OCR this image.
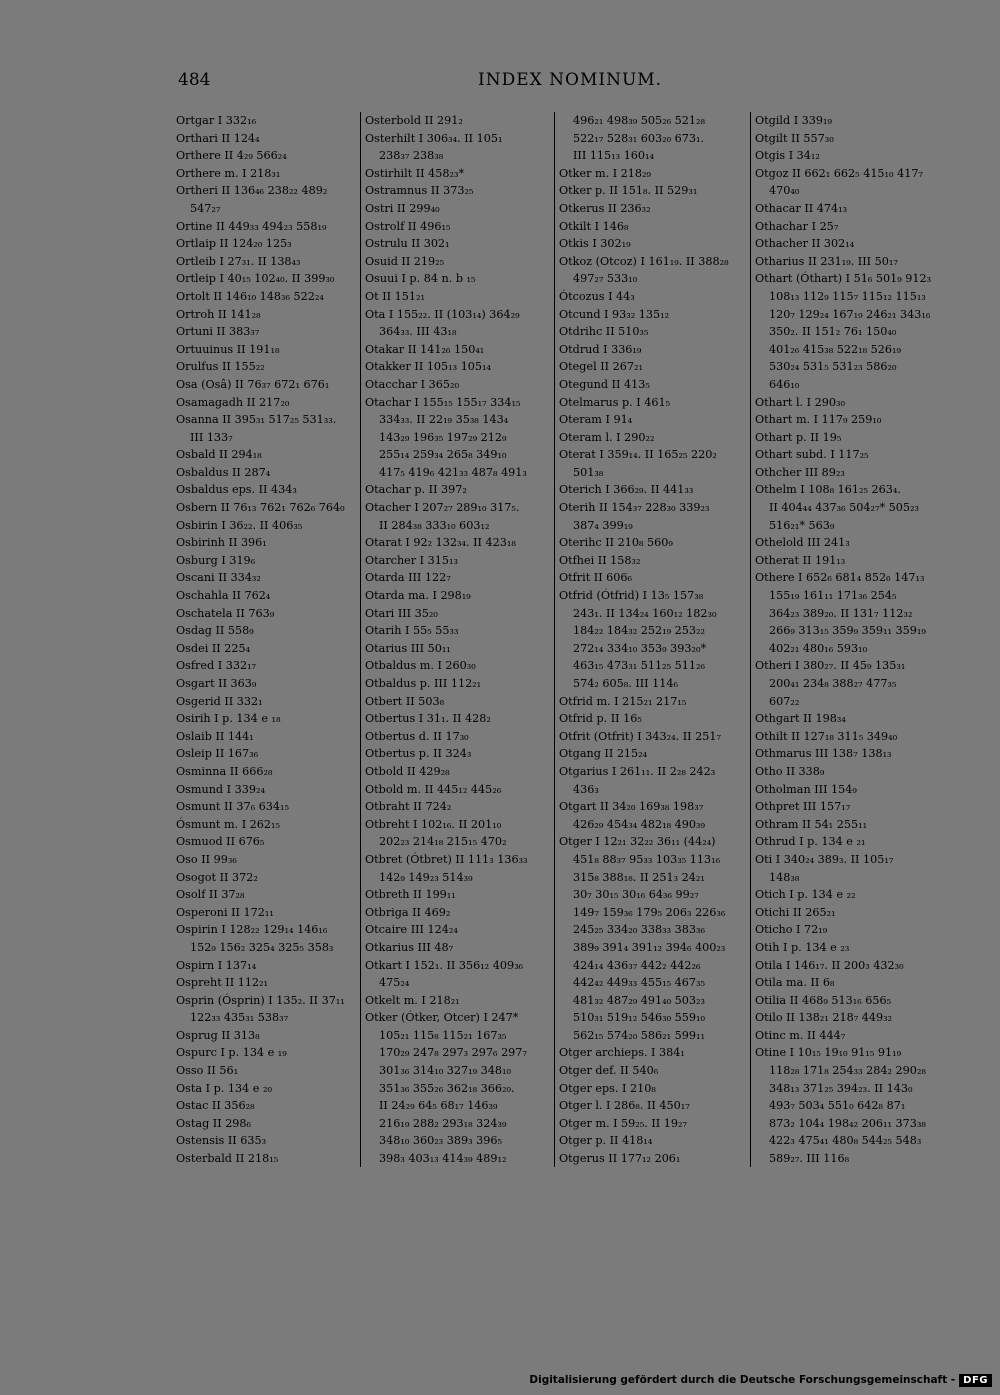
484	INDEX NOMINUM.
Ortgar I 332₁₆
Orthari II 124₄
Orthere II 4₂₉ 566₂₄
Orthere m. I 218₃₁
Ortheri II 136₄₆ 238₂₂ 489₂
547₂₇
Ortine II 449₃₃ 494₂₃ 558₁₉
Ortlaip II 124₂₀ 125₃
Ortleib I 27₃₁. II 138₄₃
Ortleip I 40₁₅ 102₄₀. II 399₃₀
Ortolt II 146₁₀ 148₃₆ 522₂₄
Ortroh II 141₂₈
Ortuni II 383₃₇
Ortuuinus II 191₁₈
Orulfus II 155₂₂
Osa (Osâ) II 76₃₇ 672₁ 676₁
Osamagadh II 217₂₀
Osanna II 395₃₁ 517₂₅ 531₃₃.
III 133₇
Osbald II 294₁₈
Osbaldus II 287₄
Osbaldus eps. II 434₃
Osbern II 76₁₃ 762₁ 762₆ 764₀
Osbirin I 36₂₂. II 406₃₅
Osbirinh II 396₁
Osburg I 319₆
Oscani II 334₃₂
Oschahla II 762₄
Oschatela II 763₉
Osdag II 558₉
Osdei II 225₄
Osfred I 332₁₇
Osgart II 363₉
Osgerid II 332₁
Osirih I p. 134 e ₁₈
Oslaib II 144₁
Osleip II 167₃₆
Osminna II 666₂₈
Osmund I 339₂₄
Osmunt II 37₆ 634₁₅
Ósmunt m. I 262₁₅
Osmuod II 676₅
Oso II 99₃₆
Osogot II 372₂
Osolf II 37₂₈
Osperoni II 172₁₁
Ospirin I 128₂₂ 129₁₄ 146₁₆
152₉ 156₂ 325₄ 325₅ 358₃
Ospirn I 137₁₄
Ospreht II 112₂₁
Osprin (Ósprin) I 135₂. II 37₁₁
122₃₃ 435₃₁ 538₃₇
Osprug II 313₈
Ospurc I p. 134 e ₁₉
Osso II 56₁
Osta I p. 134 e ₂₀
Ostac II 356₂₈
Ostag II 298₆
Ostensis II 635₃
Osterbald II 218₁₅
Osterbold II 291₂
Osterhilt I 306₃₄. II 105₁
238₃₇ 238₃₈
Ostirhilt II 458₂₃*
Ostramnus II 373₂₅
Ostri II 299₄₀
Ostrolf II 496₁₅
Ostrulu II 302₁
Osuid II 219₂₅
Osuui I p. 84 n. b ₁₅
Ot II 151₂₁
Ota I 155₂₂. II (103₁₄) 364₂₉
364₃₃. III 43₁₈
Otakar II 141₂₆ 150₄₁
Otakker II 105₁₃ 105₁₄
Otacchar I 365₂₀
Otachar I 155₁₅ 155₁₇ 334₁₅
334₃₃. II 22₁₉ 35₃₈ 143₄
143₂₉ 196₃₅ 197₂₉ 212₉
255₁₄ 259₃₄ 265₈ 349₁₀
417₅ 419₆ 421₃₃ 487₈ 491₃
Otachar p. II 397₂
Otacher I 207₂₇ 289₁₀ 317₅.
II 284₃₈ 333₁₀ 603₁₂
Otarat I 92₂ 132₃₄. II 423₁₈
Otarcher I 315₁₃
Otarda III 122₇
Otarda ma. I 298₁₉
Otari III 35₂₀
Otarih I 55₅ 55₃₃
Otarius III 50₁₁
Otbaldus m. I 260₃₀
Otbaldus p. III 112₂₁
Otbert II 503₈
Otbertus I 31₁. II 428₂
Otbertus d. II 17₃₀
Otbertus p. II 324₃
Otbold II 429₂₈
Otbold m. II 445₁₂ 445₂₆
Otbraht II 724₂
Otbreht I 102₁₆. II 201₁₀
202₂₃ 214₁₈ 215₁₅ 470₂
Otbret (Ótbret) II 111₃ 136₃₃
142₉ 149₂₃ 514₃₉
Otbreth II 199₁₁
Otbriga II 469₂
Otcaire III 124₂₄
Otkarius III 48₇
Otkart I 152₁. II 356₁₂ 409₃₆
475₂₄
Otkelt m. I 218₂₁
Otker (Ótker, Otcer) I 247*
105₂₁ 115₈ 115₂₁ 167₃₅
170₂₉ 247₈ 297₃ 297₆ 297₇
301₃₆ 314₁₀ 327₁₉ 348₁₀
351₃₆ 355₂₆ 362₁₈ 366₂₀.
II 24₂₉ 64₅ 68₁₇ 146₃₉
216₁₉ 288₂ 293₁₈ 324₃₉
348₁₀ 360₂₃ 389₃ 396₅
398₃ 403₁₃ 414₃₉ 489₁₂
496₂₁ 498₃₉ 505₂₆ 521₂₈
522₁₇ 528₃₁ 603₂₀ 673₁.
III 115₁₃ 160₁₄
Otker m. I 218₂₉
Otker p. II 151₈. II 529₃₁
Otkerus II 236₃₂
Otkilt I 146₈
Otkis I 302₁₉
Otkoz (Otcoz) I 161₁₉. II 388₂₈
497₂₇ 533₁₀
Ótcozus I 44₃
Otcund I 93₃₂ 135₁₂
Otdrihc II 510₃₅
Otdrud I 336₁₉
Otegel II 267₂₁
Otegund II 413₅
Otelmarus p. I 461₅
Oteram I 91₄
Oteram l. I 290₂₂
Oterat I 359₁₄. II 165₂₅ 220₂
501₃₈
Oterich I 366₂₉. II 441₃₃
Oterih II 154₃₇ 228₃₀ 339₂₃
387₄ 399₁₉
Oterihc II 210₈ 560₉
Otfhei II 158₃₂
Otfrit II 606₆
Otfrid (Ótfrid) I 13₅ 157₃₈
243₁. II 134₂₄ 160₁₂ 182₃₀
184₂₂ 184₃₂ 252₁₉ 253₂₂
272₁₄ 334₁₀ 353₉ 393₂₀*
463₁₅ 473₃₁ 511₂₅ 511₂₆
574₂ 605₈. III 114₆
Otfrid m. I 215₂₁ 217₁₅
Otfrid p. II 16₅
Otfrit (Otfrit) I 343₂₄. II 251₇
Otgang II 215₂₄
Otgarius I 261₁₁. II 2₂₈ 242₃
436₃
Otgart II 34₂₀ 169₃₈ 198₃₇
426₂₉ 454₃₄ 482₁₈ 490₃₉
Otger I 12₂₁ 32₂₂ 36₁₁ (44₂₄)
451₈ 88₃₇ 95₃₃ 103₃₅ 113₁₆
315₈ 388₁₈. II 251₃ 24₂₁
30₇ 30₁₅ 30₁₆ 64₃₆ 99₂₇
149₇ 159₃₆ 179₅ 206₃ 226₃₆
245₂₅ 334₂₀ 338₃₃ 383₃₆
389₉ 391₄ 391₁₂ 394₆ 400₂₃
424₁₄ 436₃₇ 442₂ 442₂₆
442₄₂ 449₃₃ 455₁₅ 467₃₅
481₃₂ 487₂₉ 491₄₀ 503₂₃
510₃₁ 519₁₂ 546₃₀ 559₁₀
562₁₅ 574₂₀ 586₂₁ 599₁₁
Otger archieps. I 384₁
Otger def. II 540₆
Otger eps. I 210₈
Otger l. I 286₈. II 450₁₇
Otger m. I 59₂₅. II 19₂₇
Otger p. II 418₁₄
Otgerus II 177₁₂ 206₁
Otgild I 339₁₉
Otgilt II 557₃₀
Otgis I 34₁₂
Otgoz II 662₁ 662₅ 415₁₀ 417₇
470₄₀
Othacar II 474₁₃
Othachar I 25₇
Othacher II 302₁₄
Otharius II 231₁₉. III 50₁₇
Othart (Óthart) I 51₆ 501₉ 912₃
108₁₃ 112₉ 115₇ 115₁₂ 115₁₃
120₇ 129₂₄ 167₁₉ 246₂₁ 343₁₆
350₂. II 151₂ 76₁ 150₄₀
401₂₆ 415₃₈ 522₁₈ 526₁₉
530₂₄ 531₅ 531₂₃ 586₂₀
646₁₀
Othart l. I 290₃₀
Othart m. I 117₉ 259₁₀
Othart p. II 19₅
Othart subd. I 117₂₅
Othcher III 89₂₃
Othelm I 108₈ 161₂₅ 263₄.
II 404₄₄ 437₃₆ 504₂₇* 505₂₃
516₂₁* 563₉
Othelold III 241₃
Otherat II 191₁₃
Othere I 652₆ 681₄ 852₆ 147₁₃
155₁₉ 161₁₁ 171₃₆ 254₅
364₂₃ 389₂₀. II 131₇ 112₃₂
266₉ 313₁₅ 359₉ 359₁₁ 359₁₉
402₂₁ 480₁₆ 593₁₀
Otheri I 380₂₇. II 45₉ 135₃₁
200₄₁ 234₈ 388₂₇ 477₃₅
607₂₂
Othgart II 198₃₄
Othilt II 127₁₈ 311₅ 349₄₀
Othmarus III 138₇ 138₁₃
Otho II 338₉
Otholman III 154₉
Othpret III 157₁₇
Othram II 54₁ 255₁₁
Othrud I p. 134 e ₂₁
Oti I 340₂₄ 389₃. II 105₁₇
148₃₈
Otich I p. 134 e ₂₂
Otichi II 265₂₁
Oticho I 72₁₉
Otih I p. 134 e ₂₃
Otila I 146₁₇. II 200₃ 432₃₀
Otila ma. II 6₈
Otilia II 468₉ 513₁₆ 656₅
Otilo II 138₂₁ 218₇ 449₃₂
Otinc m. II 444₇
Otine I 10₁₅ 19₁₀ 91₁₅ 91₁₉
118₂₈ 171₈ 254₃₃ 284₂ 290₂₈
348₁₃ 371₂₅ 394₂₃. II 143₀
493₇ 503₄ 551₀ 642₈ 87₁
873₂ 104₄ 198₄₂ 206₁₁ 373₃₈
422₃ 475₄₁ 480₈ 544₂₅ 548₃
589₂₇. III 116₈
Digitalisierung gefördert durch die Deutsche Forschungsgemeinschaft - DFG
